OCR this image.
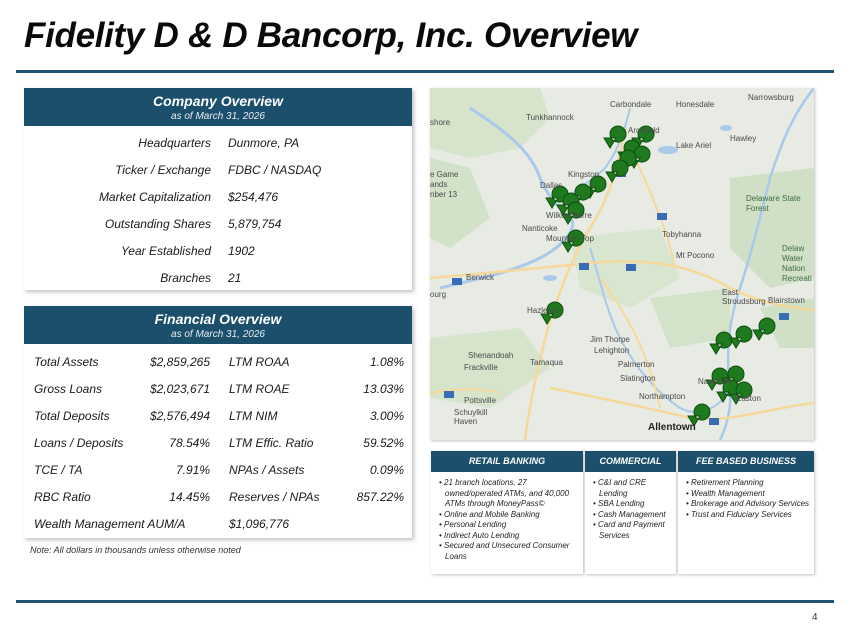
Fidelity D & D Bancorp, Inc. Overview
Company Overview
as of March 31, 2026
Headquarters Dunmore, PA
Ticker / Exchange FDBC / NASDAQ
Market Capitalization $254,476
Outstanding Shares 5,879,754
Year Established 1902
Branches 21
Financial Overview
as of March 31, 2026
Total Assets	$2,859,265 LTM ROAA	1.08%
Gross Loans	$2,023,671 LTM ROAE	13.03%
Total Deposits	$2,576,494 LTM NIM	3.00%
Loans / Deposits	78.54% LTM Effic. Ratio	59.52%
TCE / TA	7.91% NPAs / Assets	0.09%
RBC Ratio	14.45% Reserves / NPAs	857.22%
Wealth Management AUM/A	$1,096,776
Note: All dollars in thousands unless otherwise noted
Narrowsburg
Carbondale	Honesdale
Tunkhannock
Archbald
Hawley
Lake Ariel
Dallas
Kingston
Wilkes-Barre
Nanticoke
Mountain Top	Tobyhanna
Delaware State Forest
Mt Pocono
Berwick
Hazleton
East Stroudsburg Blairstown
Jim Thorpe
Lehighton
Shenandoah
Frackville
Tamaqua	Palmerton
Slatington	Nazareth
Pottsville
Schuylkill Haven
Northampton	Easton
Allentown
shore
e Game
ands
nber 13
ourg
Delaw
Water
Nation
Recreati
RETAIL BANKING
• 21 branch locations, 27 owned/operated ATMs, and 40,000 ATMs through MoneyPass©
• Online and Mobile Banking
• Personal Lending
• Indirect Auto Lending
• Secured and Unsecured Consumer Loans
COMMERCIAL
• C&I and CRE Lending
• SBA Lending
• Cash Management
• Card and Payment Services
FEE BASED BUSINESS
• Retirement Planning
• Wealth Management
• Brokerage and Advisory Services
• Trust and Fiduciary Services
4
